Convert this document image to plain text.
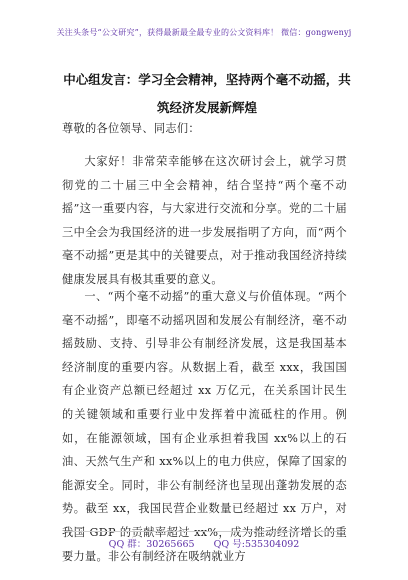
关注头条号“公文研究”，获得最新最全最专业的公文资料库！ 微信：gongwenyj
中心组发言：学习全会精神，坚持两个毫不动摇，共筑经济发展新辉煌
尊敬的各位领导、同志们：
大家好！非常荣幸能够在这次研讨会上，就学习贯彻党的二十届三中全会精神，结合坚持“两个毫不动摇”这一重要内容，与大家进行交流和分享。党的二十届三中全会为我国经济的进一步发展指明了方向，而“两个毫不动摇”更是其中的关键要点，对于推动我国经济持续健康发展具有极其重要的意义。
一、“两个毫不动摇”的重大意义与价值体现。“两个毫不动摇”，即毫不动摇巩固和发展公有制经济，毫不动摇鼓励、支持、引导非公有制经济发展，这是我国基本经济制度的重要内容。从数据上看，截至 xxx，我国国有企业资产总额已经超过 xx 万亿元，在关系国计民生的关键领域和重要行业中发挥着中流砥柱的作用。例如，在能源领域，国有企业承担着我国 xx%以上的石油、天然气生产和 xx%以上的电力供应，保障了国家的能源安全。同时，非公有制经济也呈现出蓬勃发展的态势。截至 xx，我国民营企业数量已经超过 xx 万户，对我国 GDP 的贡献率超过 xx%，成为推动经济增长的重要力量。非公有制经济在吸纳就业方
QQ 群：30265665 QQ 号:535304092
